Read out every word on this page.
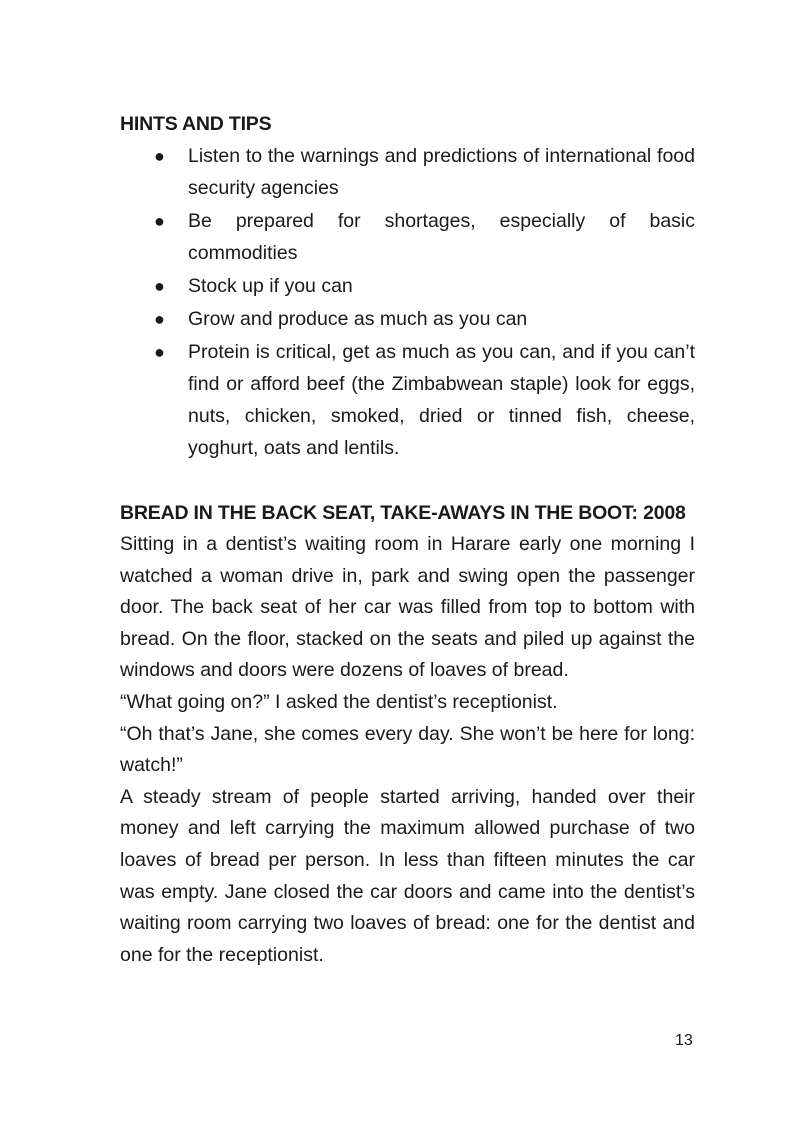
HINTS AND TIPS
● Listen to the warnings and predictions of international food security agencies
● Be prepared for shortages, especially of basic commodities
● Stock up if you can
● Grow and produce as much as you can
● Protein is critical, get as much as you can, and if you can’t find or afford beef (the Zimbabwean staple) look for eggs, nuts, chicken, smoked, dried or tinned fish, cheese, yoghurt, oats and lentils.
BREAD IN THE BACK SEAT, TAKE-AWAYS IN THE BOOT: 2008

Sitting in a dentist’s waiting room in Harare early one morning I watched a woman drive in, park and swing open the passenger door. The back seat of her car was filled from top to bottom with bread. On the floor, stacked on the seats and piled up against the windows and doors were dozens of loaves of bread.

“What going on?” I asked the dentist’s receptionist.

“Oh that’s Jane, she comes every day. She won’t be here for long: watch!”

A steady stream of people started arriving, handed over their money and left carrying the maximum allowed purchase of two loaves of bread per person. In less than fifteen minutes the car was empty. Jane closed the car doors and came into the dentist’s waiting room carrying two loaves of bread: one for the dentist and one for the receptionist.

13
